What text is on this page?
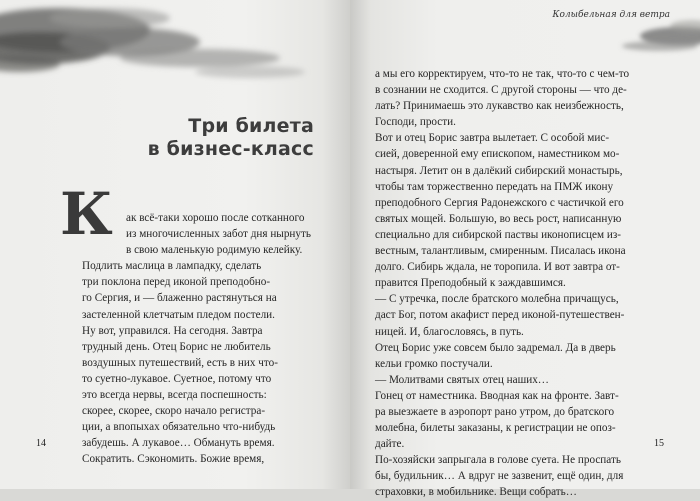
Три билета
в бизнес-класс
К ак всё-таки хорошо после сотканного
из многочисленных забот дня нырнуть
в свою маленькую родимую келейку.
Подлить маслица в лампадку, сделать
три поклона перед иконой преподобно-
го Сергия, и — блаженно растянуться на
застеленной клетчатым пледом постели.
Ну вот, управился. На сегодня. Завтра
трудный день. Отец Борис не любитель
воздушных путешествий, есть в них что-
то суетно-лукавое. Суетное, потому что
это всегда нервы, всегда поспешность:
скорее, скорее, скоро начало регистра-
ции, а впопыхах обязательно что-нибудь
забудешь. А лукавое… Обмануть время.
Сократить. Сэкономить. Божие время,
14
Колыбельная для ветра
а мы его корректируем, что-то не так, что-то с чем-то
в сознании не сходится. С другой стороны — что де-
лать? Принимаешь это лукавство как неизбежность,
Господи, прости.
Вот и отец Борис завтра вылетает. С особой мис-
сией, доверенной ему епископом, наместником мо-
настыря. Летит он в далёкий сибирский монастырь,
чтобы там торжественно передать на ПМЖ икону
преподобного Сергия Радонежского с частичкой его
святых мощей. Большую, во весь рост, написанную
специально для сибирской паствы иконописцем из-
вестным, талантливым, смиренным. Писалась икона
долго. Сибирь ждала, не торопила. И вот завтра от-
правится Преподобный к заждавшимся.
— С утречка, после братского молебна причащусь,
даст Бог, потом акафист перед иконой-путешествен-
ницей. И, благословясь, в путь.
Отец Борис уже совсем было задремал. Да в дверь
кельи громко постучали.
— Молитвами святых отец наших…
Гонец от наместника. Вводная как на фронте. Завт-
ра выезжаете в аэропорт рано утром, до братского
молебна, билеты заказаны, к регистрации не опоз-
дайте.
По-хозяйски запрыгала в голове суета. Не проспать
бы, будильник… А вдруг не зазвенит, ещё один, для
страховки, в мобильнике. Вещи собрать…
15
